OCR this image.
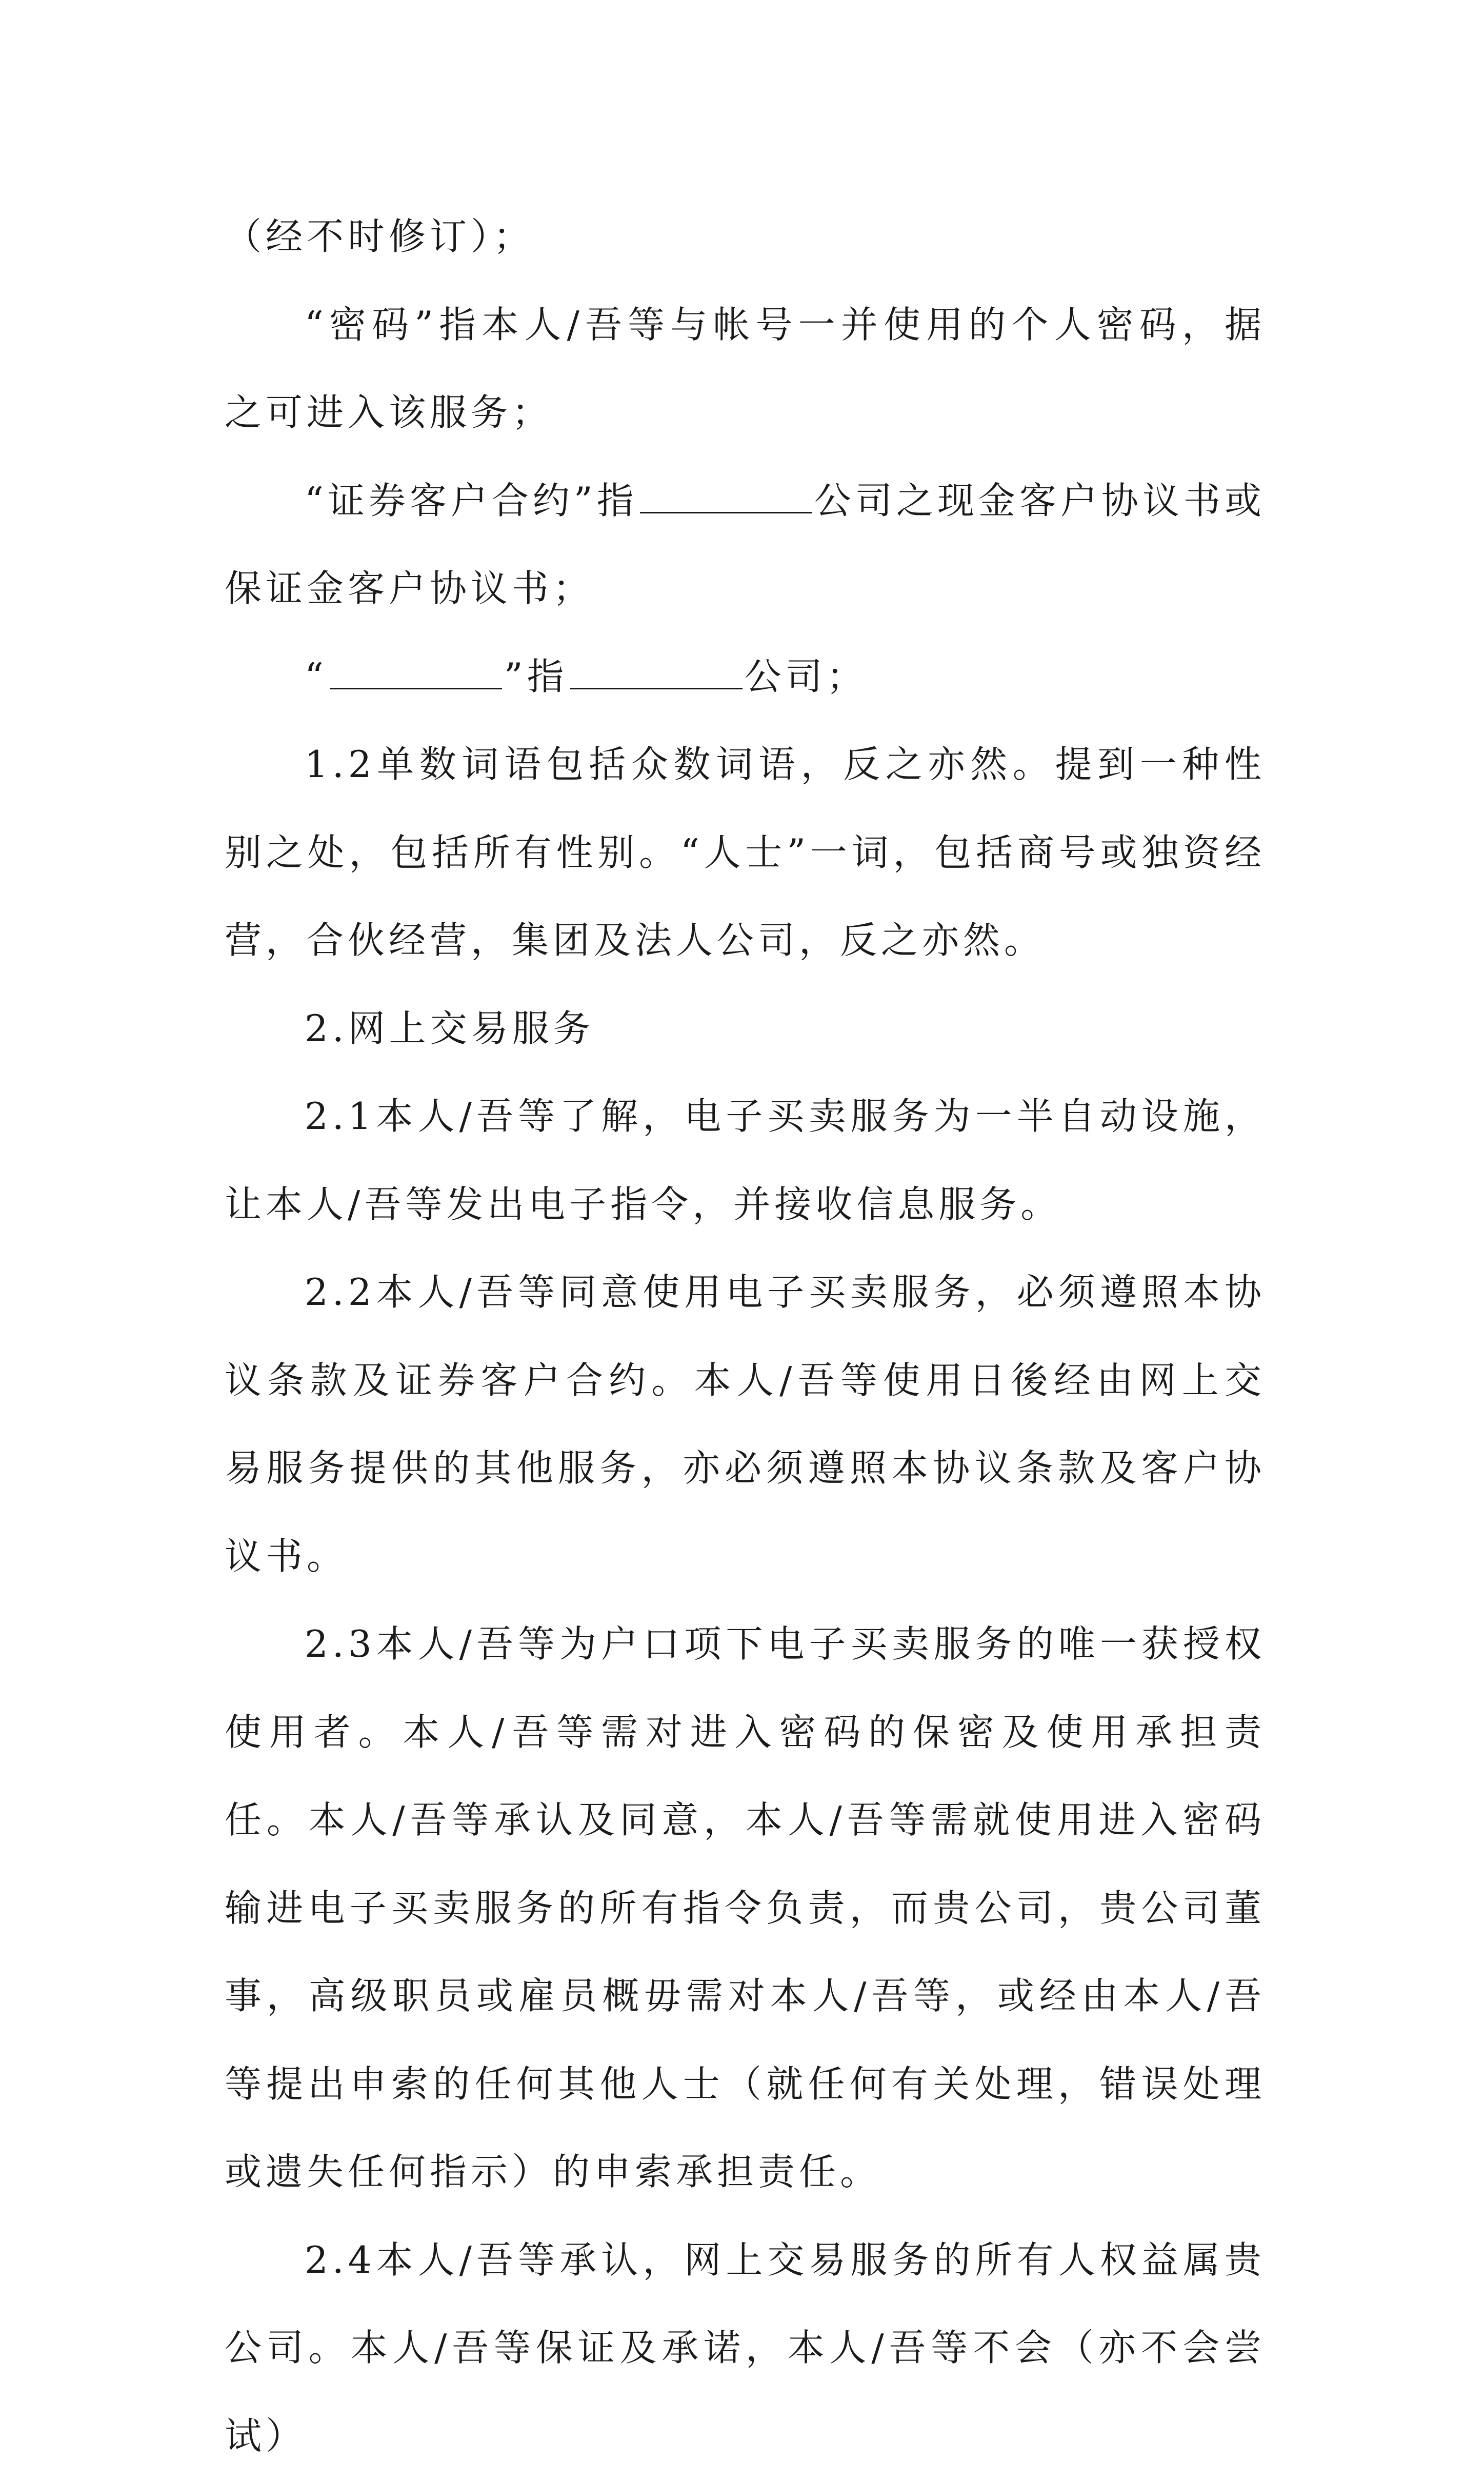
（经不时修订）；

“密码”指本人/吾等与帐号一并使用的个人密码，据之可进入该服务；

“证券客户合约”指	公司之现金客户协议书或保证金客户协议书；

“	”指	公司；

1.2单数词语包括众数词语，反之亦然。提到一种性别之处，包括所有性别。“人士”一词，包括商号或独资经营，合伙经营，集团及法人公司，反之亦然。

2.网上交易服务

2.1本人/吾等了解，电子买卖服务为一半自动设施，让本人/吾等发出电子指令，并接收信息服务。

2.2本人/吾等同意使用电子买卖服务，必须遵照本协议条款及证券客户合约。本人/吾等使用日後经由网上交易服务提供的其他服务，亦必须遵照本协议条款及客户协议书。

2.3本人/吾等为户口项下电子买卖服务的唯一获授权使用者。本人/吾等需对进入密码的保密及使用承担责任。本人/吾等承认及同意，本人/吾等需就使用进入密码输进电子买卖服务的所有指令负责，而贵公司，贵公司董事，高级职员或雇员概毋需对本人/吾等，或经由本人/吾等提出申索的任何其他人士（就任何有关处理，错误处理或遗失任何指示）的申索承担责任。

2.4本人/吾等承认，网上交易服务的所有人权益属贵公司。本人/吾等保证及承诺，本人/吾等不会（亦不会尝试）
